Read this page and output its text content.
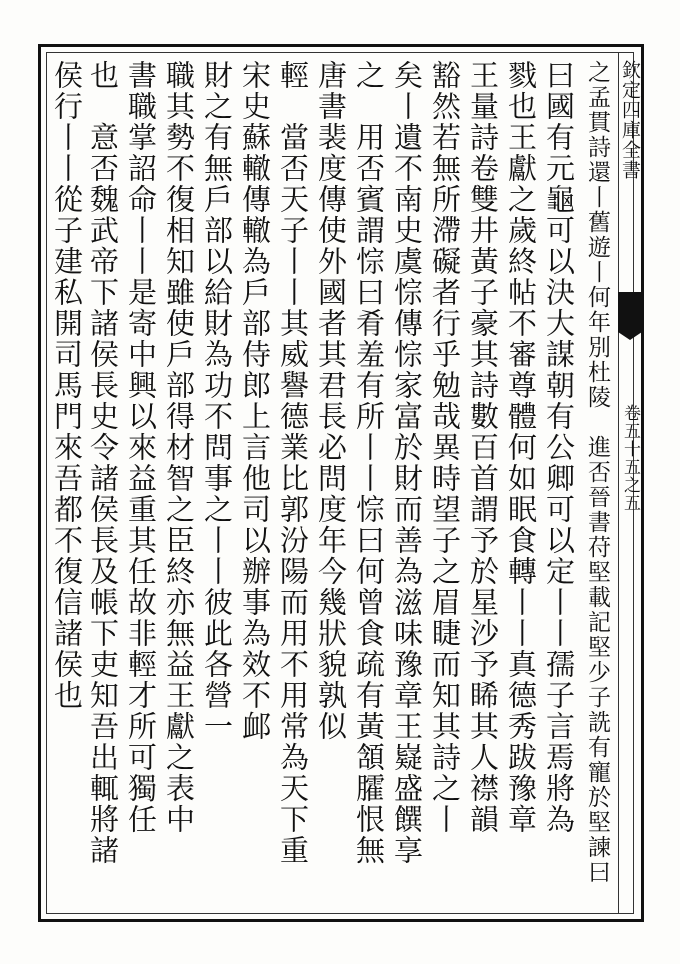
欽定四庫全書
卷五十五之五
之孟貫詩還丨舊遊丨何年別杜陵　進否晉書苻堅載記堅少子詵有寵於堅諫曰
曰國有元龜可以決大謀朝有公卿可以定丨丨孺子言焉將為
戮也王獻之歲終帖不審尊體何如眠食轉丨丨真德秀跋豫章
王量詩卷雙井黃子豪其詩數百首謂予於星沙予睎其人襟韻
豁然若無所滯礙者行乎勉哉異時望子之眉睫而知其詩之丨
矣丨遺不南史虞悰傳悰家富於財而善為滋味豫章王嶷盛饌享
之　用否賓謂悰曰肴羞有所丨丨悰曰何曾食疏有黃頷臛恨無
唐書裴度傳使外國者其君長必問度年今幾狀貌孰似
輕　當否天子丨丨其威譽德業比郭汾陽而用不用常為天下重
宋史蘇轍傳轍為戶部侍郎上言他司以辦事為效不䘏
財之有無戶部以給財為功不問事之丨丨彼此各營一
職其勢不復相知雖使戶部得材智之臣終亦無益王獻之表中
書職掌詔命丨丨是寄中興以來益重其任故非輕才所可獨任
也　意否魏武帝下諸侯長史令諸侯長及帳下吏知吾出輒將諸
侯行丨丨從子建私開司馬門來吾都不復信諸侯也
